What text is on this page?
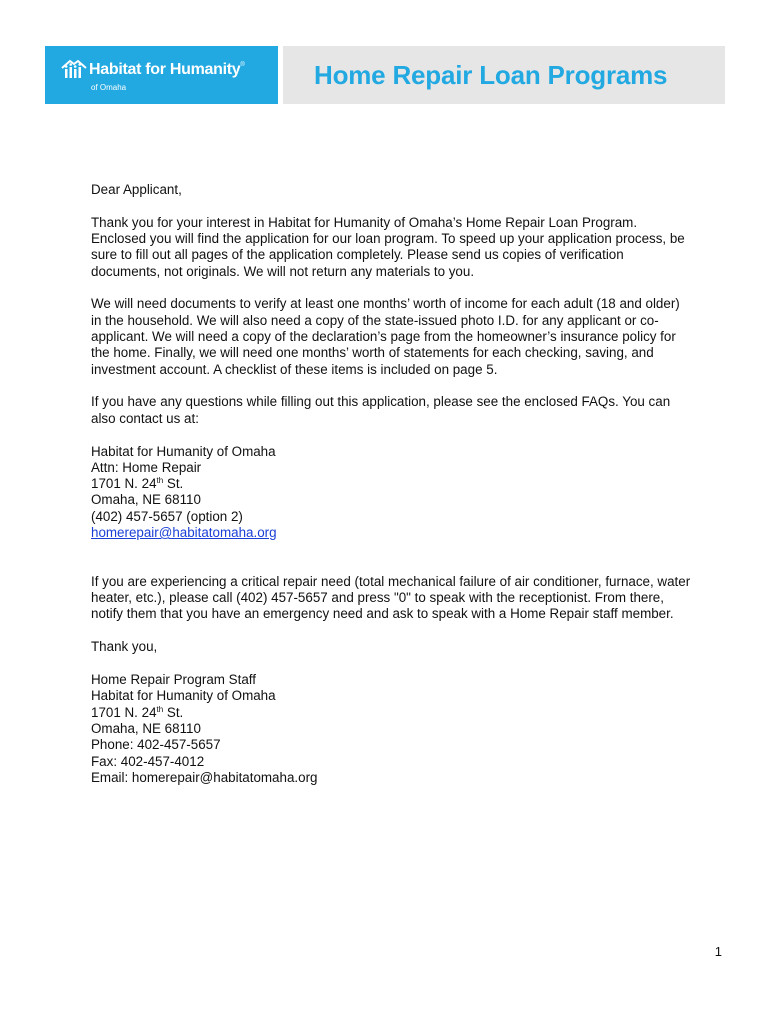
Habitat for Humanity®
of Omaha	Home Repair Loan Programs

Dear Applicant,

Thank you for your interest in Habitat for Humanity of Omaha’s Home Repair Loan Program. Enclosed you will find the application for our loan program. To speed up your application process, be sure to fill out all pages of the application completely. Please send us copies of verification documents, not originals. We will not return any materials to you.

We will need documents to verify at least one months’ worth of income for each adult (18 and older) in the household. We will also need a copy of the state-issued photo I.D. for any applicant or co-applicant. We will need a copy of the declaration’s page from the homeowner’s insurance policy for the home. Finally, we will need one months’ worth of statements for each checking, saving, and investment account. A checklist of these items is included on page 5.

If you have any questions while filling out this application, please see the enclosed FAQs. You can also contact us at:

Habitat for Humanity of Omaha
Attn: Home Repair
1701 N. 24th St.
Omaha, NE 68110
(402) 457-5657 (option 2)
homerepair@habitatomaha.org

If you are experiencing a critical repair need (total mechanical failure of air conditioner, furnace, water heater, etc.), please call (402) 457-5657 and press "0" to speak with the receptionist. From there, notify them that you have an emergency need and ask to speak with a Home Repair staff member.

Thank you,

Home Repair Program Staff
Habitat for Humanity of Omaha
1701 N. 24th St.
Omaha, NE 68110
Phone: 402-457-5657
Fax: 402-457-4012
Email: homerepair@habitatomaha.org

1
